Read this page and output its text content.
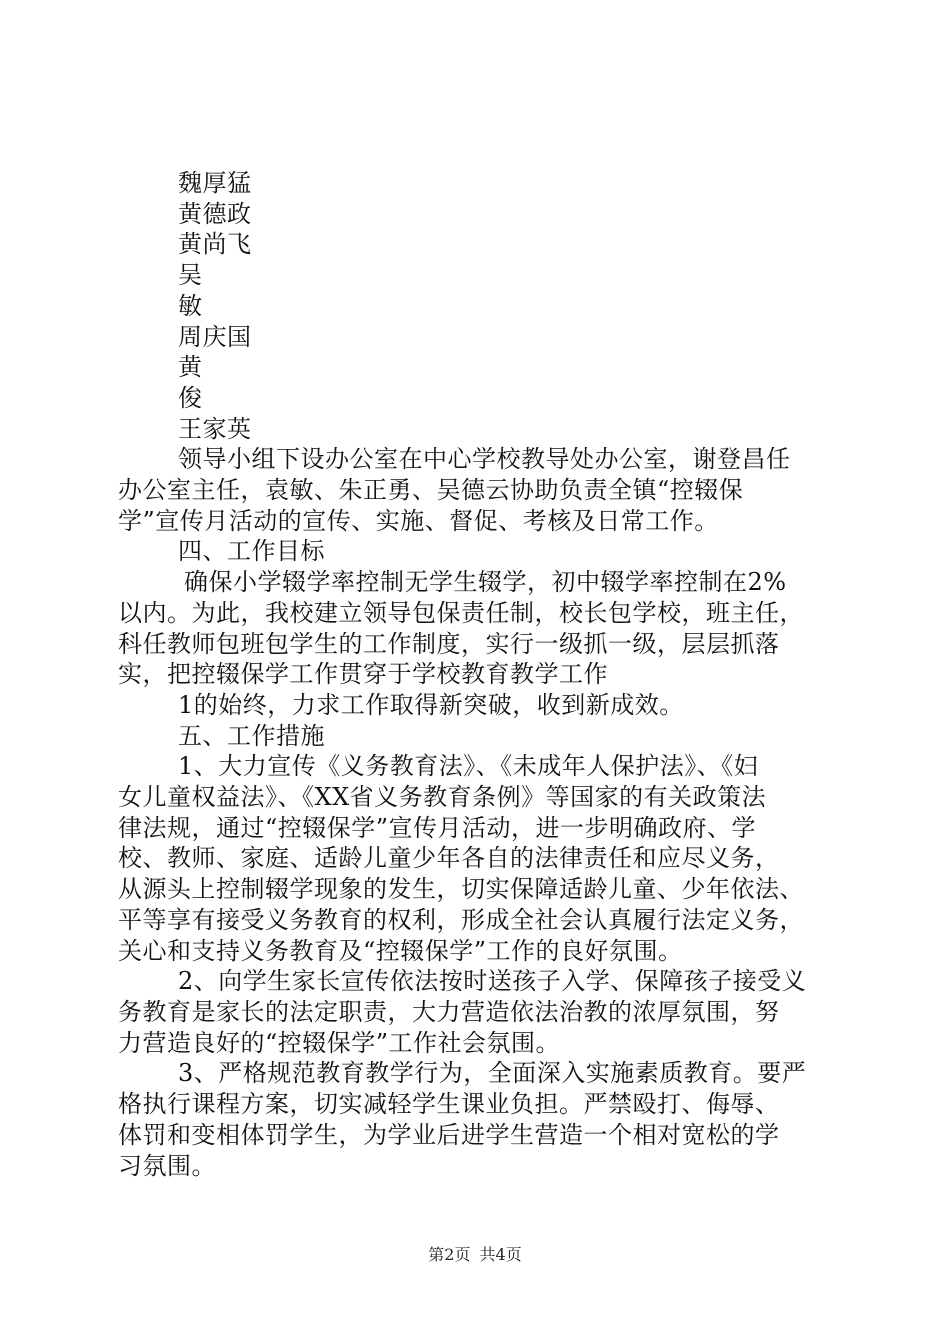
魏厚猛
黄德政
黄尚飞
吴
敏
周庆国
黄
俊
王家英
领导小组下设办公室在中心学校教导处办公室，谢登昌任
办公室主任，袁敏、朱正勇、吴德云协助负责全镇“控辍保
学”宣传月活动的宣传、实施、督促、考核及日常工作。
四、工作目标
确保小学辍学率控制无学生辍学，初中辍学率控制在2%
以内。为此，我校建立领导包保责任制，校长包学校，班主任，
科任教师包班包学生的工作制度，实行一级抓一级，层层抓落
实，把控辍保学工作贯穿于学校教育教学工作
1的始终，力求工作取得新突破，收到新成效。
五、工作措施
1、大力宣传《义务教育法》、《未成年人保护法》、《妇
女儿童权益法》、《XX省义务教育条例》等国家的有关政策法
律法规，通过“控辍保学”宣传月活动，进一步明确政府、学
校、教师、家庭、适龄儿童少年各自的法律责任和应尽义务，
从源头上控制辍学现象的发生，切实保障适龄儿童、少年依法、
平等享有接受义务教育的权利，形成全社会认真履行法定义务，
关心和支持义务教育及“控辍保学”工作的良好氛围。
2、向学生家长宣传依法按时送孩子入学、保障孩子接受义
务教育是家长的法定职责，大力营造依法治教的浓厚氛围，努
力营造良好的“控辍保学”工作社会氛围。
3、严格规范教育教学行为，全面深入实施素质教育。要严
格执行课程方案，切实减轻学生课业负担。严禁殴打、侮辱、
体罚和变相体罚学生，为学业后进学生营造一个相对宽松的学
习氛围。
第2页 共4页
